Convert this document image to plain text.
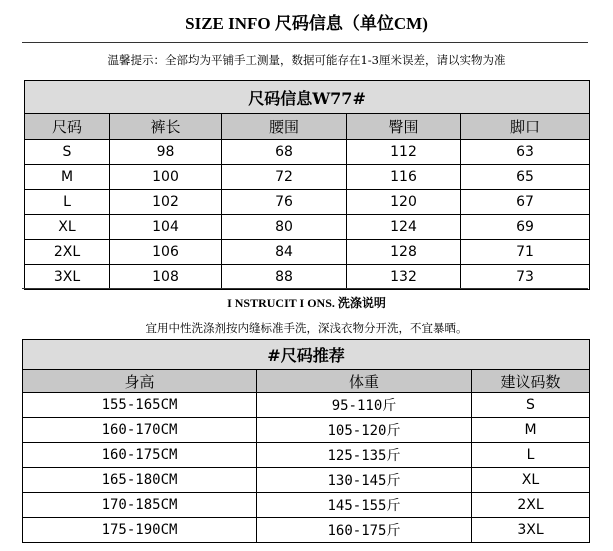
SIZE INFO 尺码信息（单位CM)
温馨提示：全部均为平铺手工测量，数据可能存在1-3厘米误差，请以实物为准
尺码信息W77#				
尺码	裤长	腰围	臀围	脚口
S	98	68	112	63
M	100	72	116	65
L	102	76	120	67
XL	104	80	124	69
2XL	106	84	128	71
3XL	108	88	132	73
I NSTRUCIT I ONS. 洗涤说明
宜用中性洗涤剂按内缝标准手洗，深浅衣物分开洗，不宜暴晒。
#尺码推荐		
身高	体重	建议码数
155-165CM	95-110斤	S
160-170CM	105-120斤	M
160-175CM	125-135斤	L
165-180CM	130-145斤	XL
170-185CM	145-155斤	2XL
175-190CM	160-175斤	3XL
